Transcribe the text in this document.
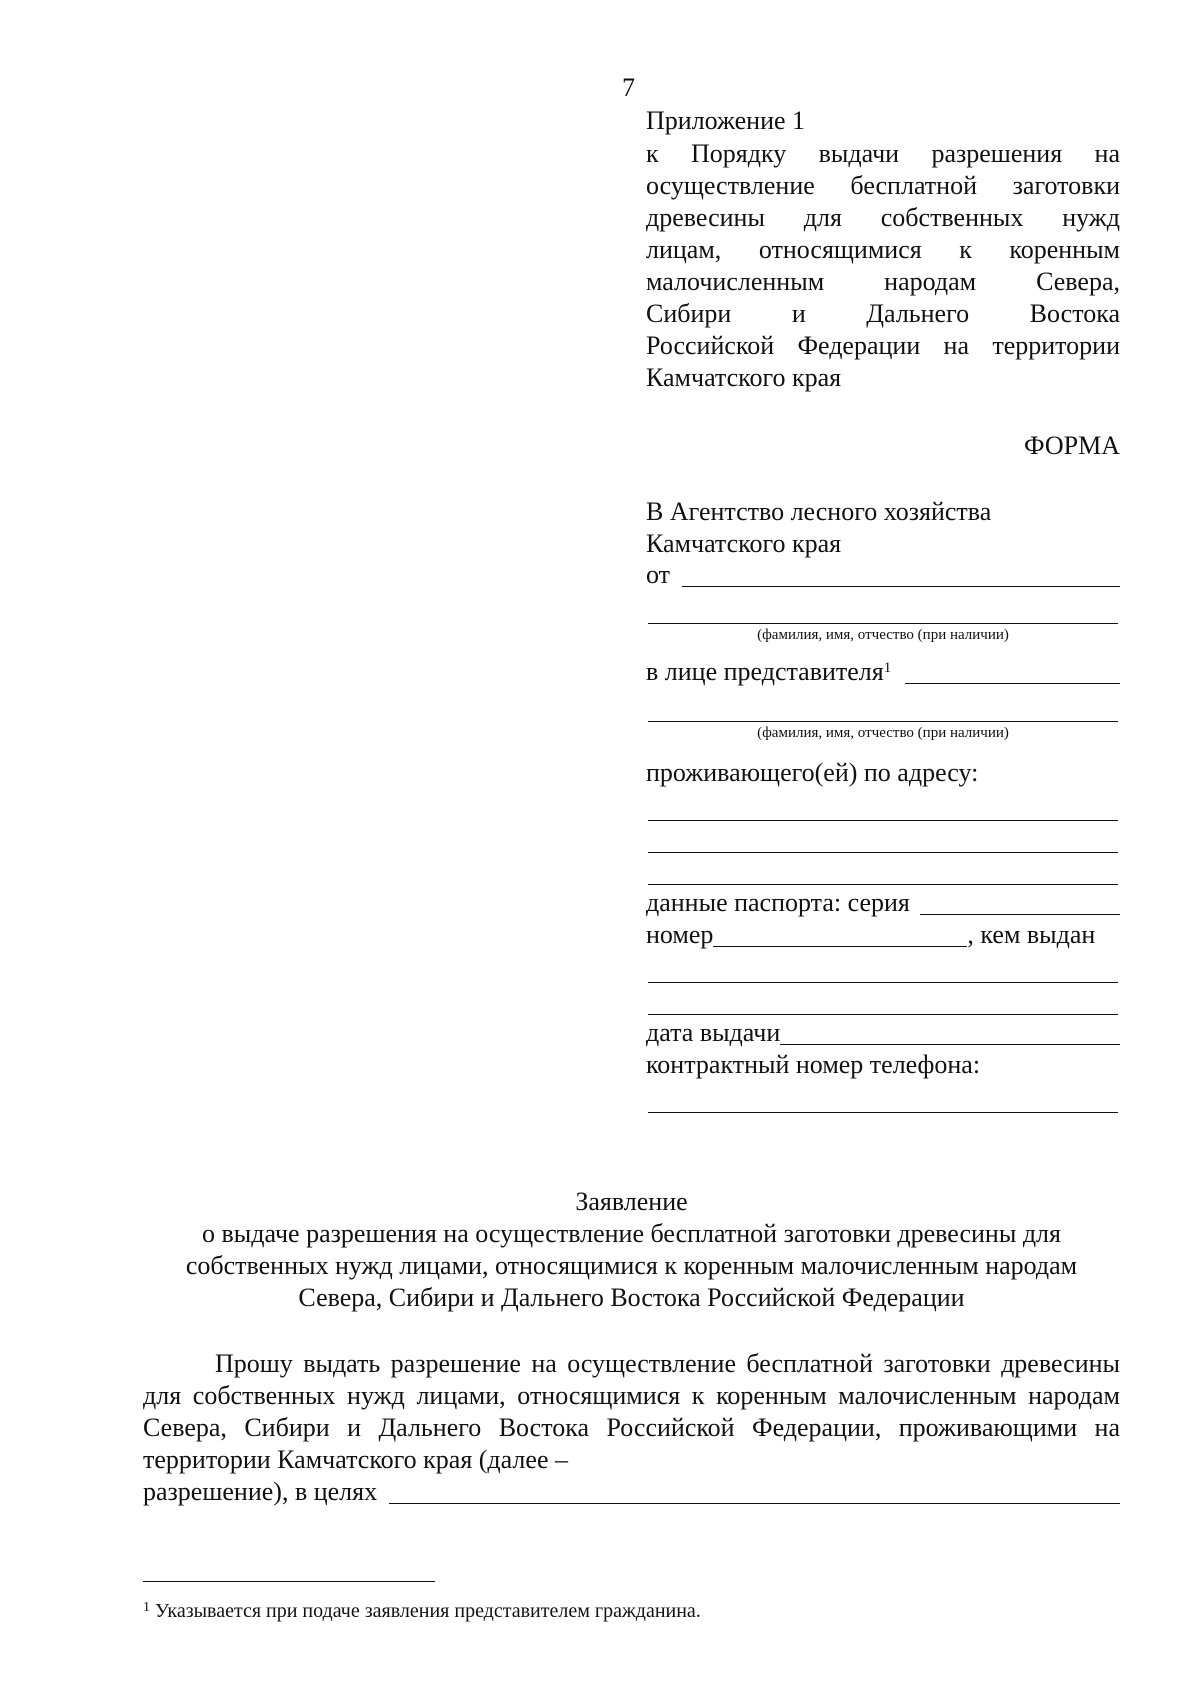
7
Приложение 1
к Порядку выдачи разрешения на
осуществление бесплатной заготовки
древесины для собственных нужд
лицам, относящимися к коренным
малочисленным народам Севера,
Сибири и Дальнего Востока
Российской Федерации на территории
Камчатского края
ФОРМА
В Агентство лесного хозяйства
Камчатского края
от
(фамилия, имя, отчество (при наличии)
в лице представителя 1
(фамилия, имя, отчество (при наличии)
проживающего(ей) по адресу:
данные паспорта: серия
номер	, кем выдан
дата выдачи
контрактный номер телефона:
Заявление
о выдаче разрешения на осуществление бесплатной заготовки древесины для
собственных нужд лицами, относящимися к коренным малочисленным народам
Севера, Сибири и Дальнего Востока Российской Федерации
Прошу выдать разрешение на осуществление бесплатной заготовки древесины для собственных нужд лицами, относящимися к коренным малочисленным народам Севера, Сибири и Дальнего Востока Российской Федерации, проживающими на территории Камчатского края (далее –
разрешение), в целях
$^1$ Указывается при подаче заявления представителем гражданина.
